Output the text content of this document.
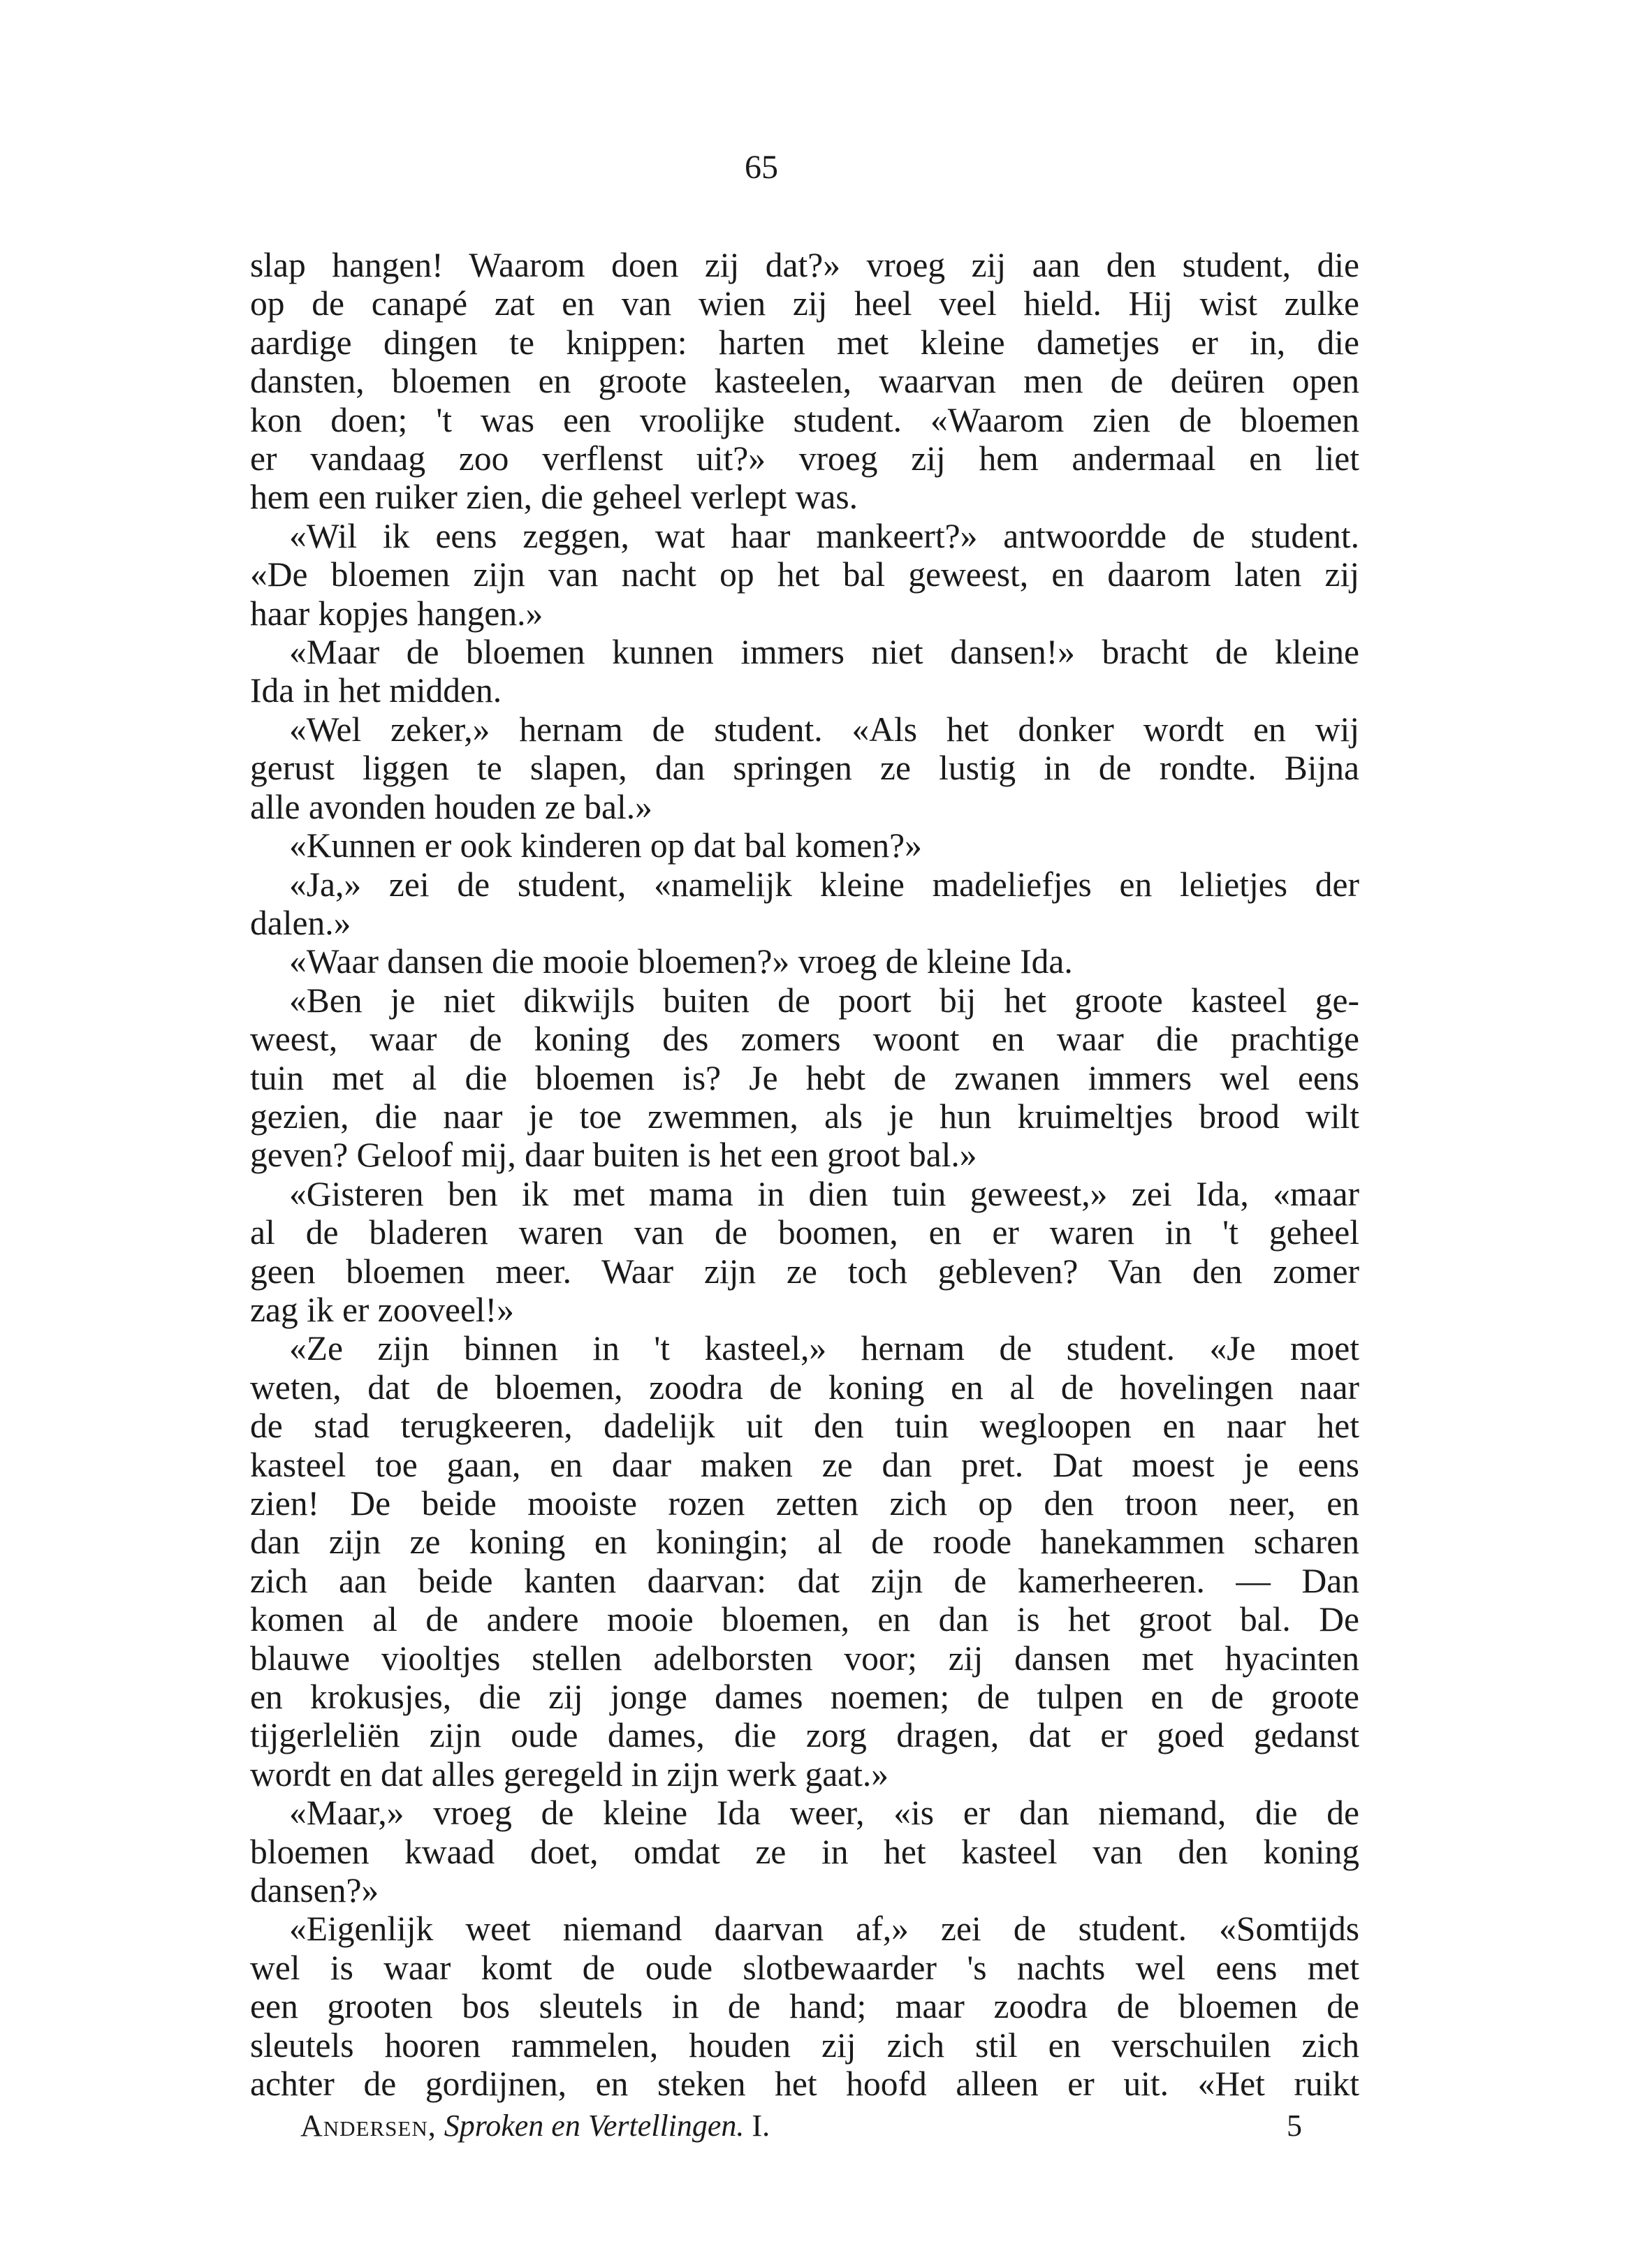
65
slap hangen! Waarom doen zij dat?» vroeg zij aan den student, die
op de canapé zat en van wien zij heel veel hield. Hij wist zulke
aardige dingen te knippen: harten met kleine dametjes er in, die
dansten, bloemen en groote kasteelen, waarvan men de deüren open
kon doen; 't was een vroolijke student. «Waarom zien de bloemen
er vandaag zoo verflenst uit?» vroeg zij hem andermaal en liet
hem een ruiker zien, die geheel verlept was.
«Wil ik eens zeggen, wat haar mankeert?» antwoordde de student.
«De bloemen zijn van nacht op het bal geweest, en daarom laten zij
haar kopjes hangen.»
«Maar de bloemen kunnen immers niet dansen!» bracht de kleine
Ida in het midden.
«Wel zeker,» hernam de student. «Als het donker wordt en wij
gerust liggen te slapen, dan springen ze lustig in de rondte. Bijna
alle avonden houden ze bal.»
«Kunnen er ook kinderen op dat bal komen?»
«Ja,» zei de student, «namelijk kleine madeliefjes en lelietjes der
dalen.»
«Waar dansen die mooie bloemen?» vroeg de kleine Ida.
«Ben je niet dikwijls buiten de poort bij het groote kasteel ge-
weest, waar de koning des zomers woont en waar die prachtige
tuin met al die bloemen is? Je hebt de zwanen immers wel eens
gezien, die naar je toe zwemmen, als je hun kruimeltjes brood wilt
geven? Geloof mij, daar buiten is het een groot bal.»
«Gisteren ben ik met mama in dien tuin geweest,» zei Ida, «maar
al de bladeren waren van de boomen, en er waren in 't geheel
geen bloemen meer. Waar zijn ze toch gebleven? Van den zomer
zag ik er zooveel!»
«Ze zijn binnen in 't kasteel,» hernam de student. «Je moet
weten, dat de bloemen, zoodra de koning en al de hovelingen naar
de stad terugkeeren, dadelijk uit den tuin wegloopen en naar het
kasteel toe gaan, en daar maken ze dan pret. Dat moest je eens
zien! De beide mooiste rozen zetten zich op den troon neer, en
dan zijn ze koning en koningin; al de roode hanekammen scharen
zich aan beide kanten daarvan: dat zijn de kamerheeren. — Dan
komen al de andere mooie bloemen, en dan is het groot bal. De
blauwe viooltjes stellen adelborsten voor; zij dansen met hyacinten
en krokusjes, die zij jonge dames noemen; de tulpen en de groote
tijgerleliën zijn oude dames, die zorg dragen, dat er goed gedanst
wordt en dat alles geregeld in zijn werk gaat.»
«Maar,» vroeg de kleine Ida weer, «is er dan niemand, die de
bloemen kwaad doet, omdat ze in het kasteel van den koning
dansen?»
«Eigenlijk weet niemand daarvan af,» zei de student. «Somtijds
wel is waar komt de oude slotbewaarder 's nachts wel eens met
een grooten bos sleutels in de hand; maar zoodra de bloemen de
sleutels hooren rammelen, houden zij zich stil en verschuilen zich
achter de gordijnen, en steken het hoofd alleen er uit. «Het ruikt
Andersen, Sproken en Vertellingen. I.	5
